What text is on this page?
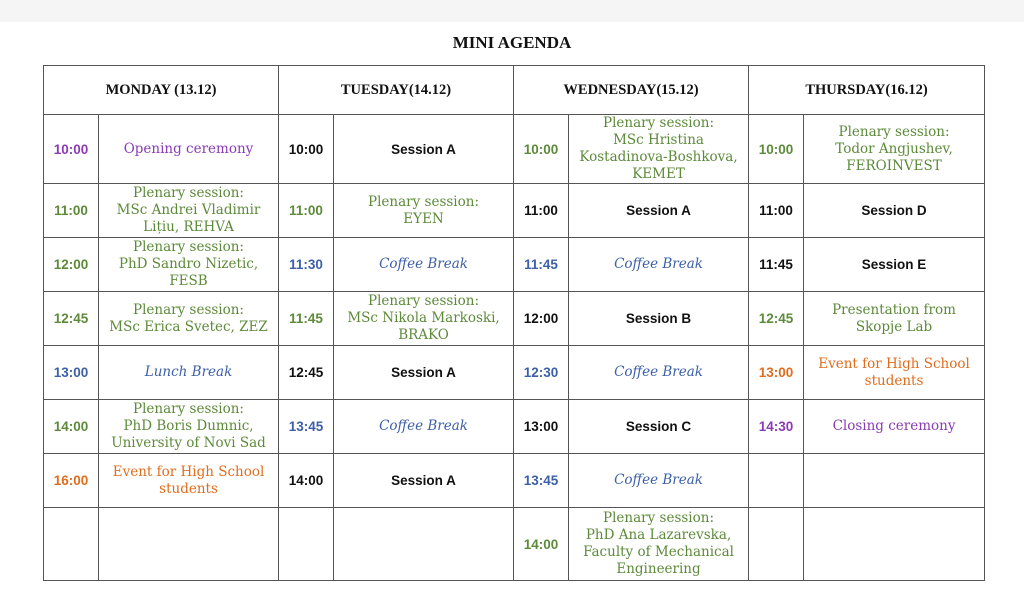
MINI AGENDA
MONDAY (13.12)		TUESDAY(14.12)		WEDNESDAY(15.12)		THURSDAY(16.12)	
10:00	Opening ceremony	10:00	Session A	10:00	Plenary session:
MSc Hristina
Kostadinova-Boshkova,
KEMET	10:00	Plenary session:
Todor Angjushev,
FEROINVEST

11:00	Plenary session:
MSc Andrei Vladimir
Lițiu, REHVA	11:00	Plenary session:
EYEN	11:00	Session A	11:00	Session D

12:00	Plenary session:
PhD Sandro Nizetic,
FESB	11:30	Coffee Break	11:45	Coffee Break	11:45	Session E

12:45	Plenary session:
MSc Erica Svetec, ZEZ	11:45	Plenary session:
MSc Nikola Markoski,
BRAKO	12:00	Session B	12:45	Presentation from
Skopje Lab

13:00	Lunch Break	12:45	Session A	12:30	Coffee Break	13:00	Event for High School
students

14:00	Plenary session:
PhD Boris Dumnic,
University of Novi Sad	13:45	Coffee Break	13:00	Session C	14:30	Closing ceremony

16:00	Event for High School
students	14:00	Session A	13:45	Coffee Break		

				14:00	Plenary session:
PhD Ana Lazarevska,
Faculty of Mechanical
Engineering		
